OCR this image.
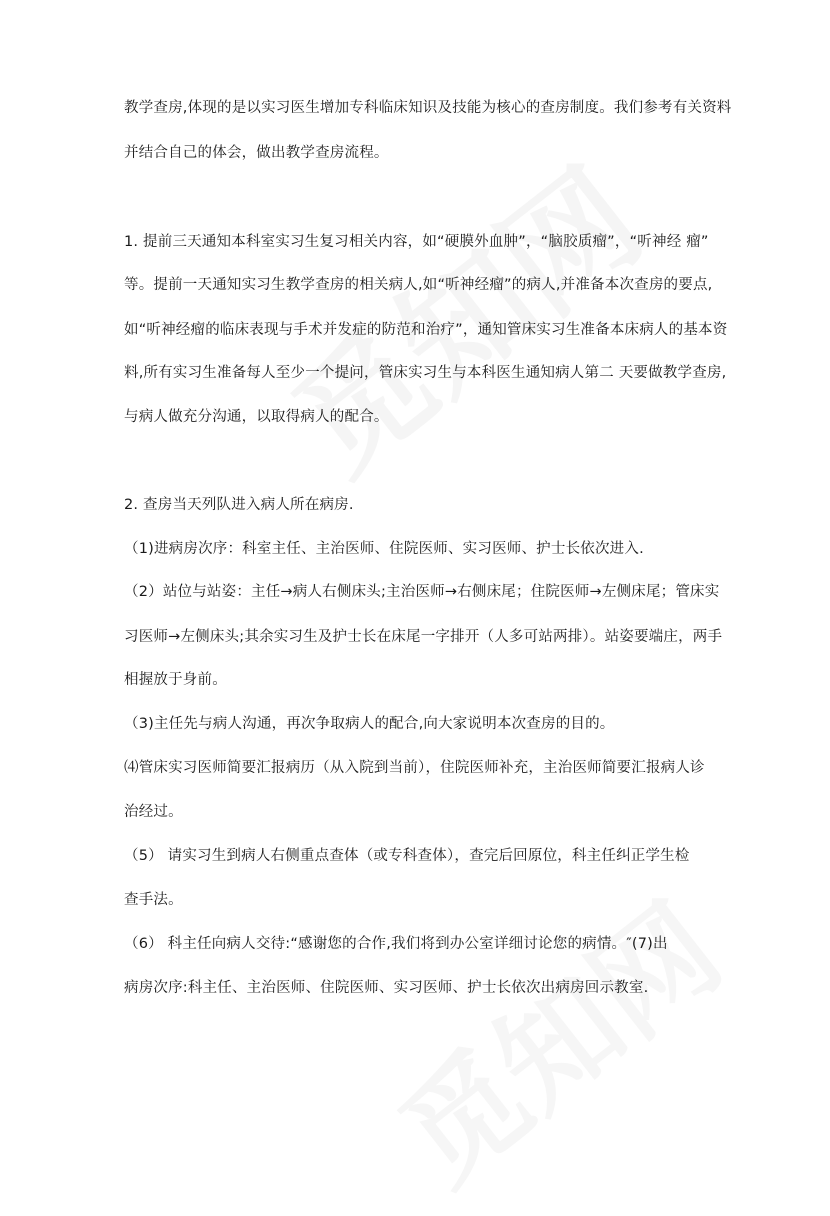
教学查房,体现的是以实习医生增加专科临床知识及技能为核心的查房制度。我们参考有关资料
并结合自己的体会，做出教学查房流程。
1. 提前三天通知本科室实习生复习相关内容，如“硬膜外血肿”，“脑胶质瘤”，“听神经 瘤”
等。提前一天通知实习生教学查房的相关病人,如“听神经瘤”的病人,并准备本次查房的要点,
如“听神经瘤的临床表现与手术并发症的防范和治疗”，通知管床实习生准备本床病人的基本资
料,所有实习生准备每人至少一个提问，管床实习生与本科医生通知病人第二 天要做教学查房,
与病人做充分沟通，以取得病人的配合。
2. 查房当天列队进入病人所在病房.
（1)进病房次序：科室主任、主治医师、住院医师、实习医师、护士长依次进入.
（2）站位与站姿：主任→病人右侧床头;主治医师→右侧床尾；住院医师→左侧床尾；管床实
习医师→左侧床头;其余实习生及护士长在床尾一字排开（人多可站两排）。站姿要端庄，两手
相握放于身前。
（3)主任先与病人沟通，再次争取病人的配合,向大家说明本次查房的目的。
⑷管床实习医师简要汇报病历（从入院到当前），住院医师补充，主治医师简要汇报病人诊
治经过。
（5） 请实习生到病人右侧重点查体（或专科查体），查完后回原位，科主任纠正学生检
查手法。
（6） 科主任向病人交待:“感谢您的合作,我们将到办公室详细讨论您的病情。″(7)出
病房次序:科主任、主治医师、住院医师、实习医师、护士长依次出病房回示教室.
